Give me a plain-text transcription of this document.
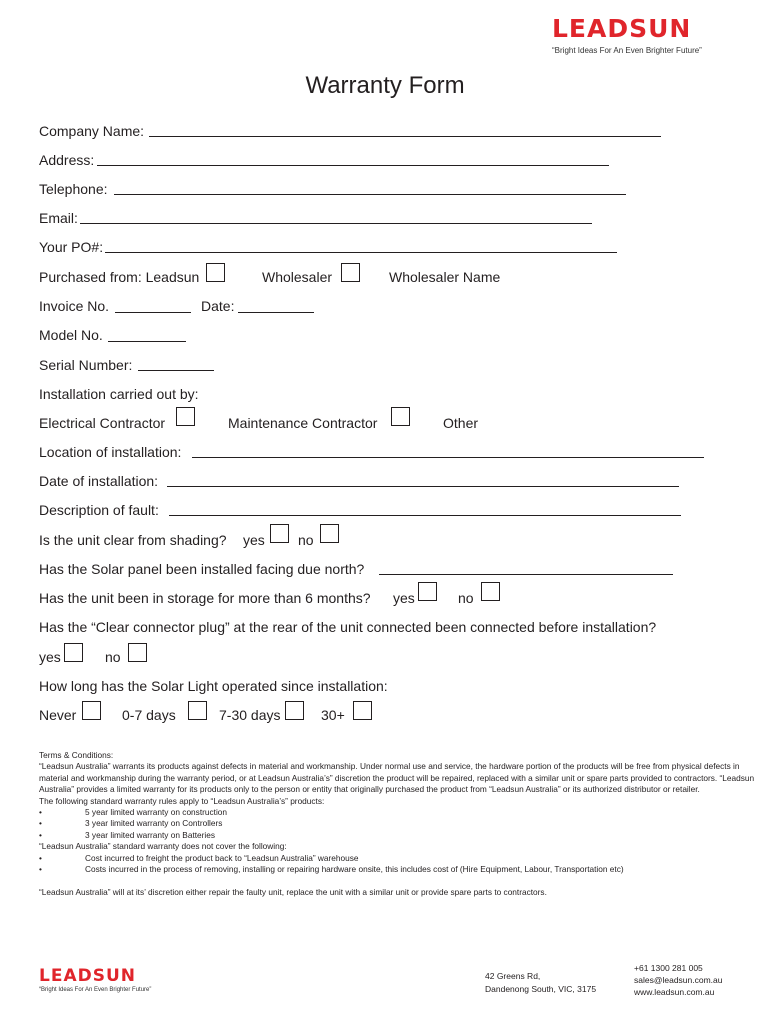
LEADSUN
“Bright Ideas For An Even Brighter Future”
Warranty Form
Company Name:
Address:
Telephone:
Email:
Your PO#:
Purchased from: Leadsun	Wholesaler	Wholesaler Name
Invoice No.	Date:
Model No.
Serial Number:
Installation carried out by:
Electrical Contractor	Maintenance Contractor	Other
Location of installation:
Date of installation:
Description of fault:
Is the unit clear from shading? yes no
Has the Solar panel been installed facing due north?
Has the unit been in storage for more than 6 months? yes	no
Has the “Clear connector plug” at the rear of the unit connected been connected before installation?
yes	no
How long has the Solar Light operated since installation:
Never	0-7 days	7-30 days	30+
Terms & Conditions:
“Leadsun Australia” warrants its products against defects in material and workmanship. Under normal use and service, the hardware portion of the products will be free from physical defects in material and workmanship during the warranty period, or at Leadsun Australia’s” discretion the product will be repaired, replaced with a similar unit or spare parts provided to contractors. “Leadsun Australia” provides a limited warranty for its products only to the person or entity that originally purchased the product from “Leadsun Australia” or its authorized distributor or retailer.
The following standard warranty rules apply to “Leadsun Australia’s” products:
•	5 year limited warranty on construction
•	3 year limited warranty on Controllers
•	3 year limited warranty on Batteries
“Leadsun Australia” standard warranty does not cover the following:
•	Cost incurred to freight the product back to “Leadsun Australia” warehouse
•	Costs incurred in the process of removing, installing or repairing hardware onsite, this includes cost of (Hire Equipment, Labour, Transportation etc)
“Leadsun Australia” will at its’ discretion either repair the faulty unit, replace the unit with a similar unit or provide spare parts to contractors.
LEADSUN
“Bright Ideas For An Even Brighter Future”
42 Greens Rd,
Dandenong South, VIC, 3175
+61 1300 281 005
sales@leadsun.com.au
www.leadsun.com.au
